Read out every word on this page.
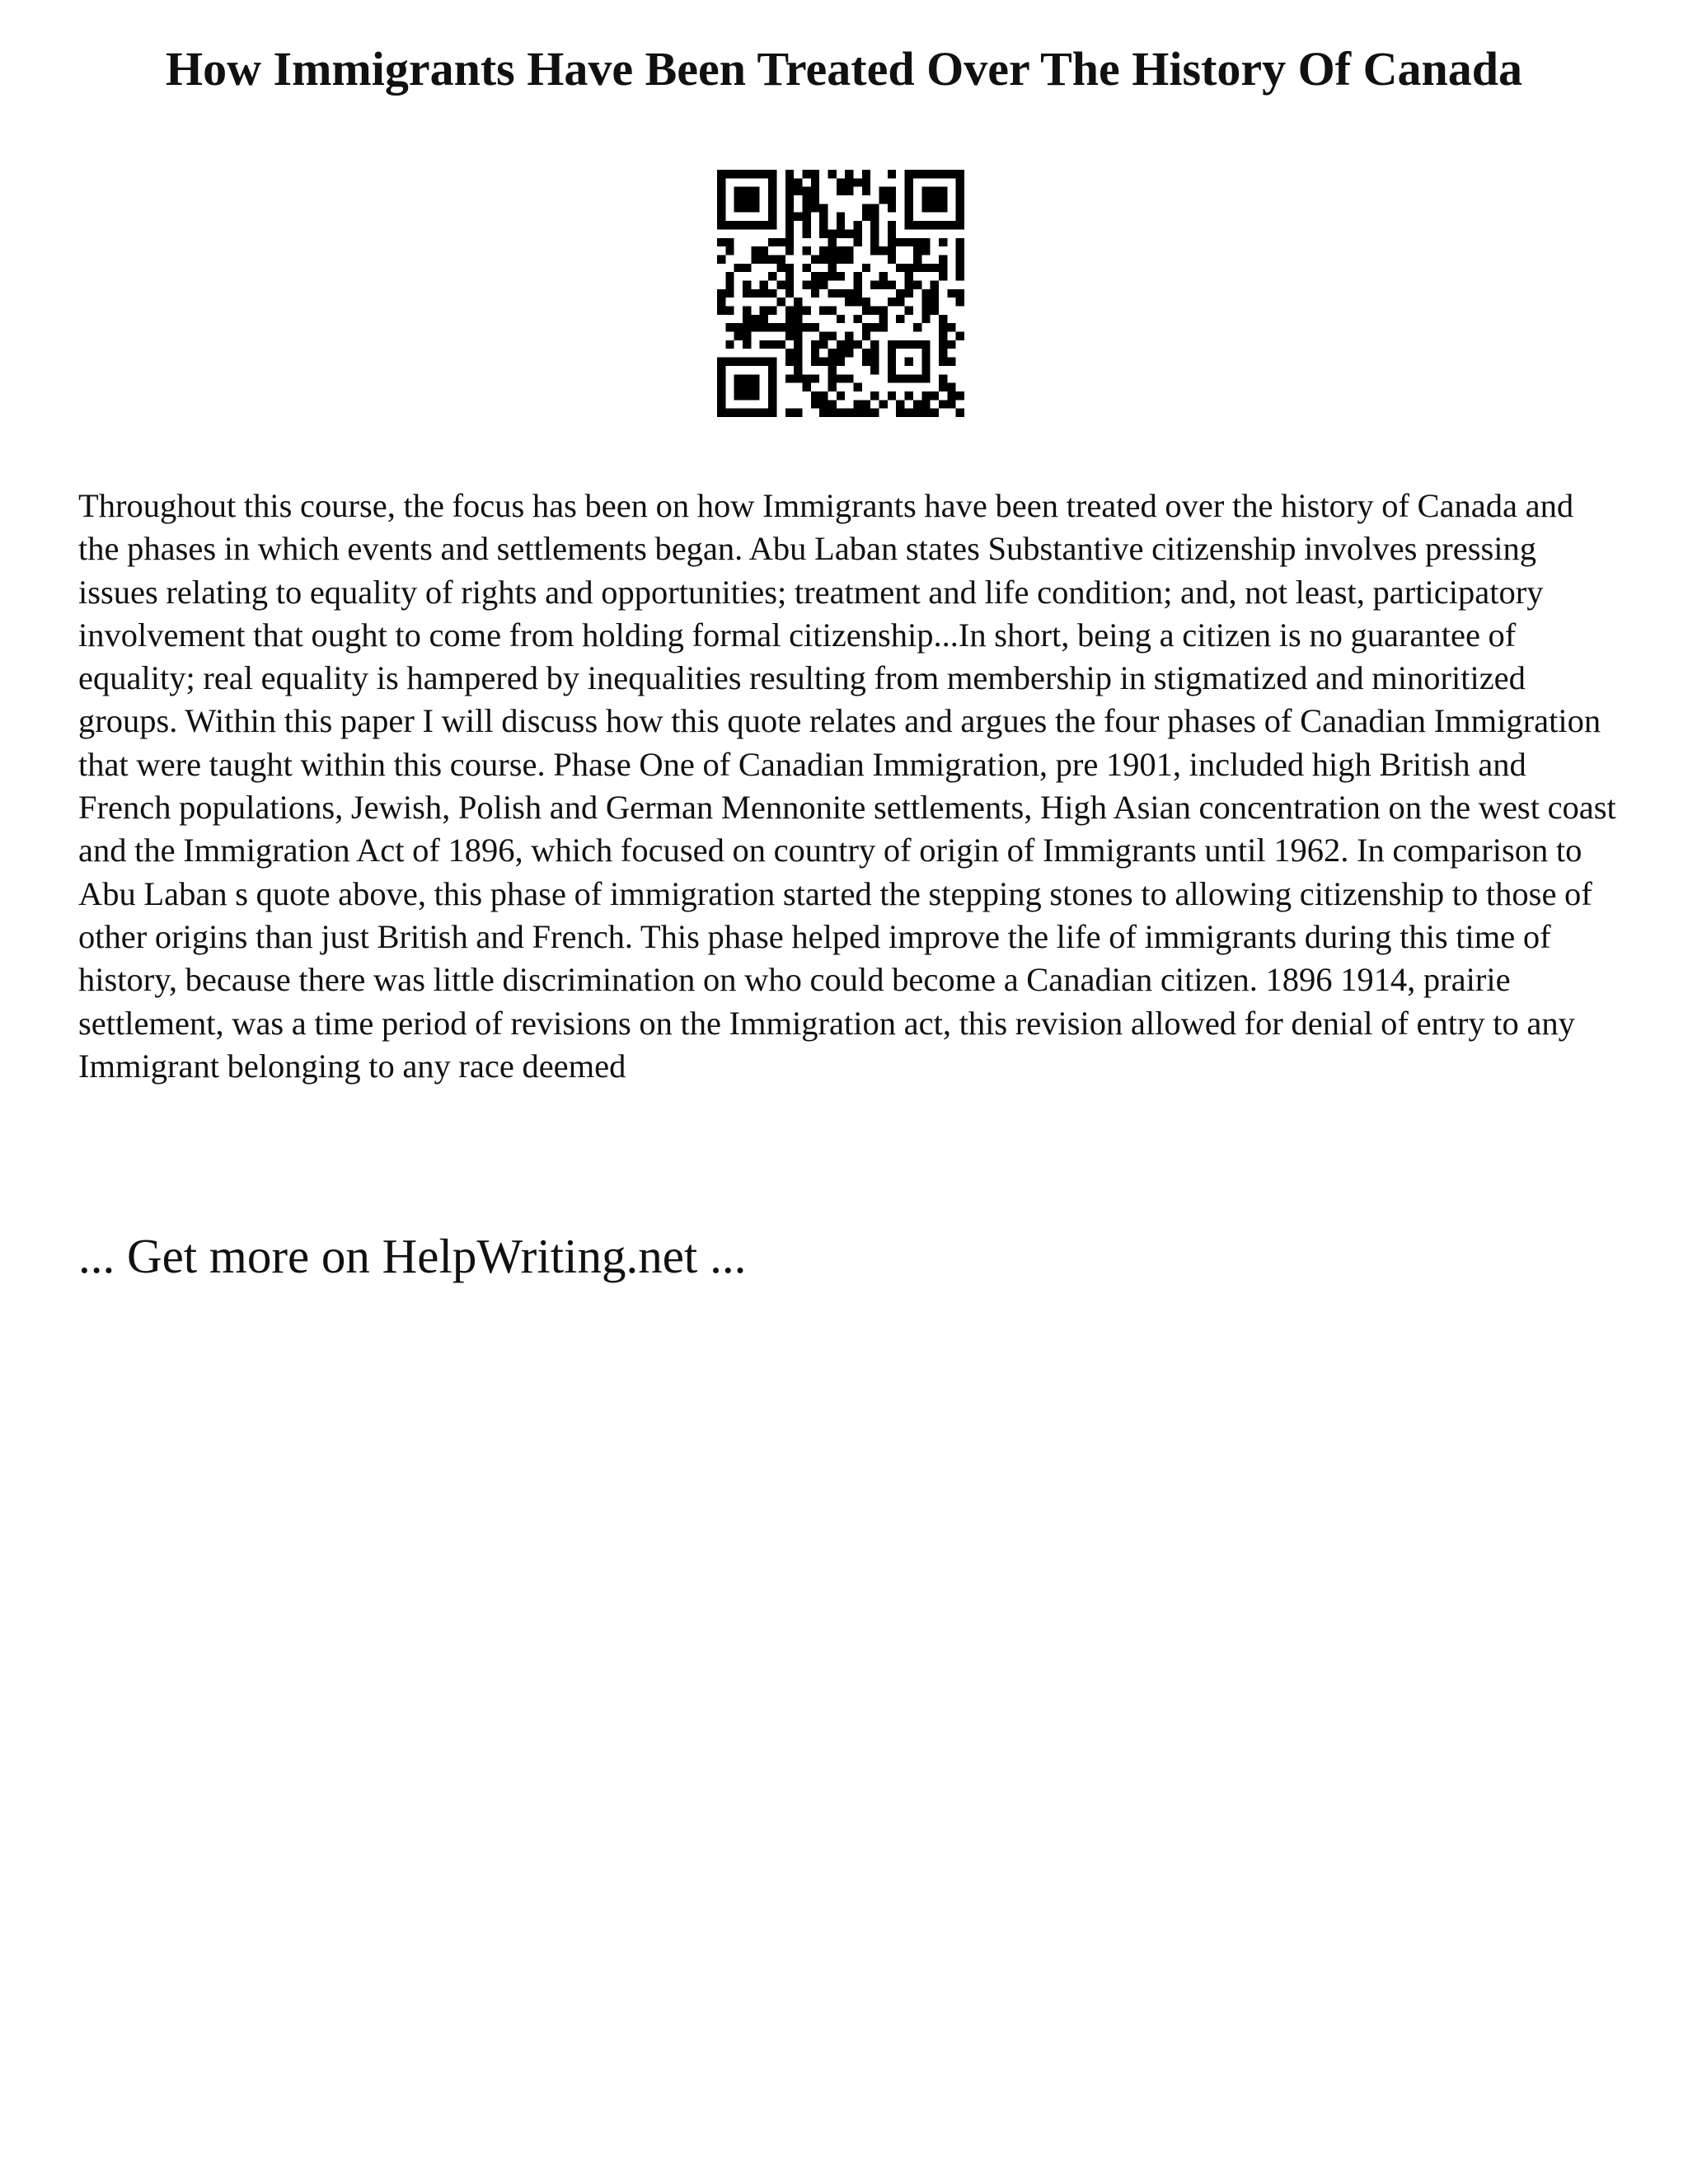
How Immigrants Have Been Treated Over The History Of Canada

Throughout this course, the focus has been on how Immigrants have been treated over the history of Canada and the phases in which events and settlements began. Abu Laban states Substantive citizenship involves pressing issues relating to equality of rights and opportunities; treatment and life condition; and, not least, participatory involvement that ought to come from holding formal citizenship...In short, being a citizen is no guarantee of equality; real equality is hampered by inequalities resulting from membership in stigmatized and minoritized groups. Within this paper I will discuss how this quote relates and argues the four phases of Canadian Immigration that were taught within this course. Phase One of Canadian Immigration, pre 1901, included high British and French populations, Jewish, Polish and German Mennonite settlements, High Asian concentration on the west coast and the Immigration Act of 1896, which focused on country of origin of Immigrants until 1962. In comparison to Abu Laban s quote above, this phase of immigration started the stepping stones to allowing citizenship to those of other origins than just British and French. This phase helped improve the life of immigrants during this time of history, because there was little discrimination on who could become a Canadian citizen. 1896 1914, prairie settlement, was a time period of revisions on the Immigration act, this revision allowed for denial of entry to any Immigrant belonging to any race deemed

... Get more on HelpWriting.net ...
